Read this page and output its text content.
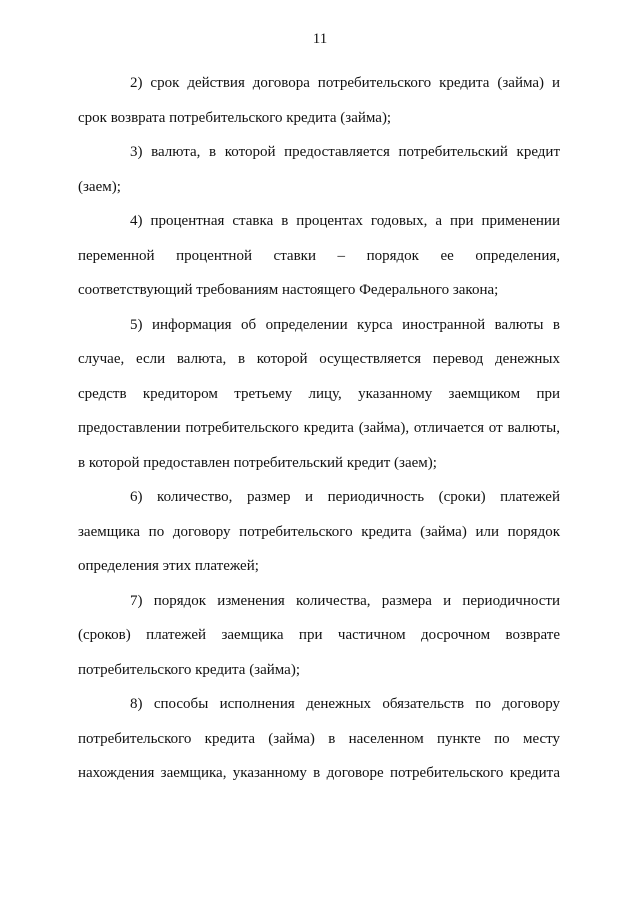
11
2) срок действия договора потребительского кредита (займа) и
срок возврата потребительского кредита (займа);
3) валюта, в которой предоставляется потребительский кредит
(заем);
4) процентная ставка в процентах годовых, а при применении
переменной процентной ставки – порядок ее определения,
соответствующий требованиям настоящего Федерального закона;
5) информация об определении курса иностранной валюты в
случае, если валюта, в которой осуществляется перевод денежных
средств кредитором третьему лицу, указанному заемщиком при
предоставлении потребительского кредита (займа), отличается от валюты,
в которой предоставлен потребительский кредит (заем);
6) количество, размер и периодичность (сроки) платежей
заемщика по договору потребительского кредита (займа) или порядок
определения этих платежей;
7) порядок изменения количества, размера и периодичности
(сроков) платежей заемщика при частичном досрочном возврате
потребительского кредита (займа);
8) способы исполнения денежных обязательств по договору
потребительского кредита (займа) в населенном пункте по месту
нахождения заемщика, указанному в договоре потребительского кредита
